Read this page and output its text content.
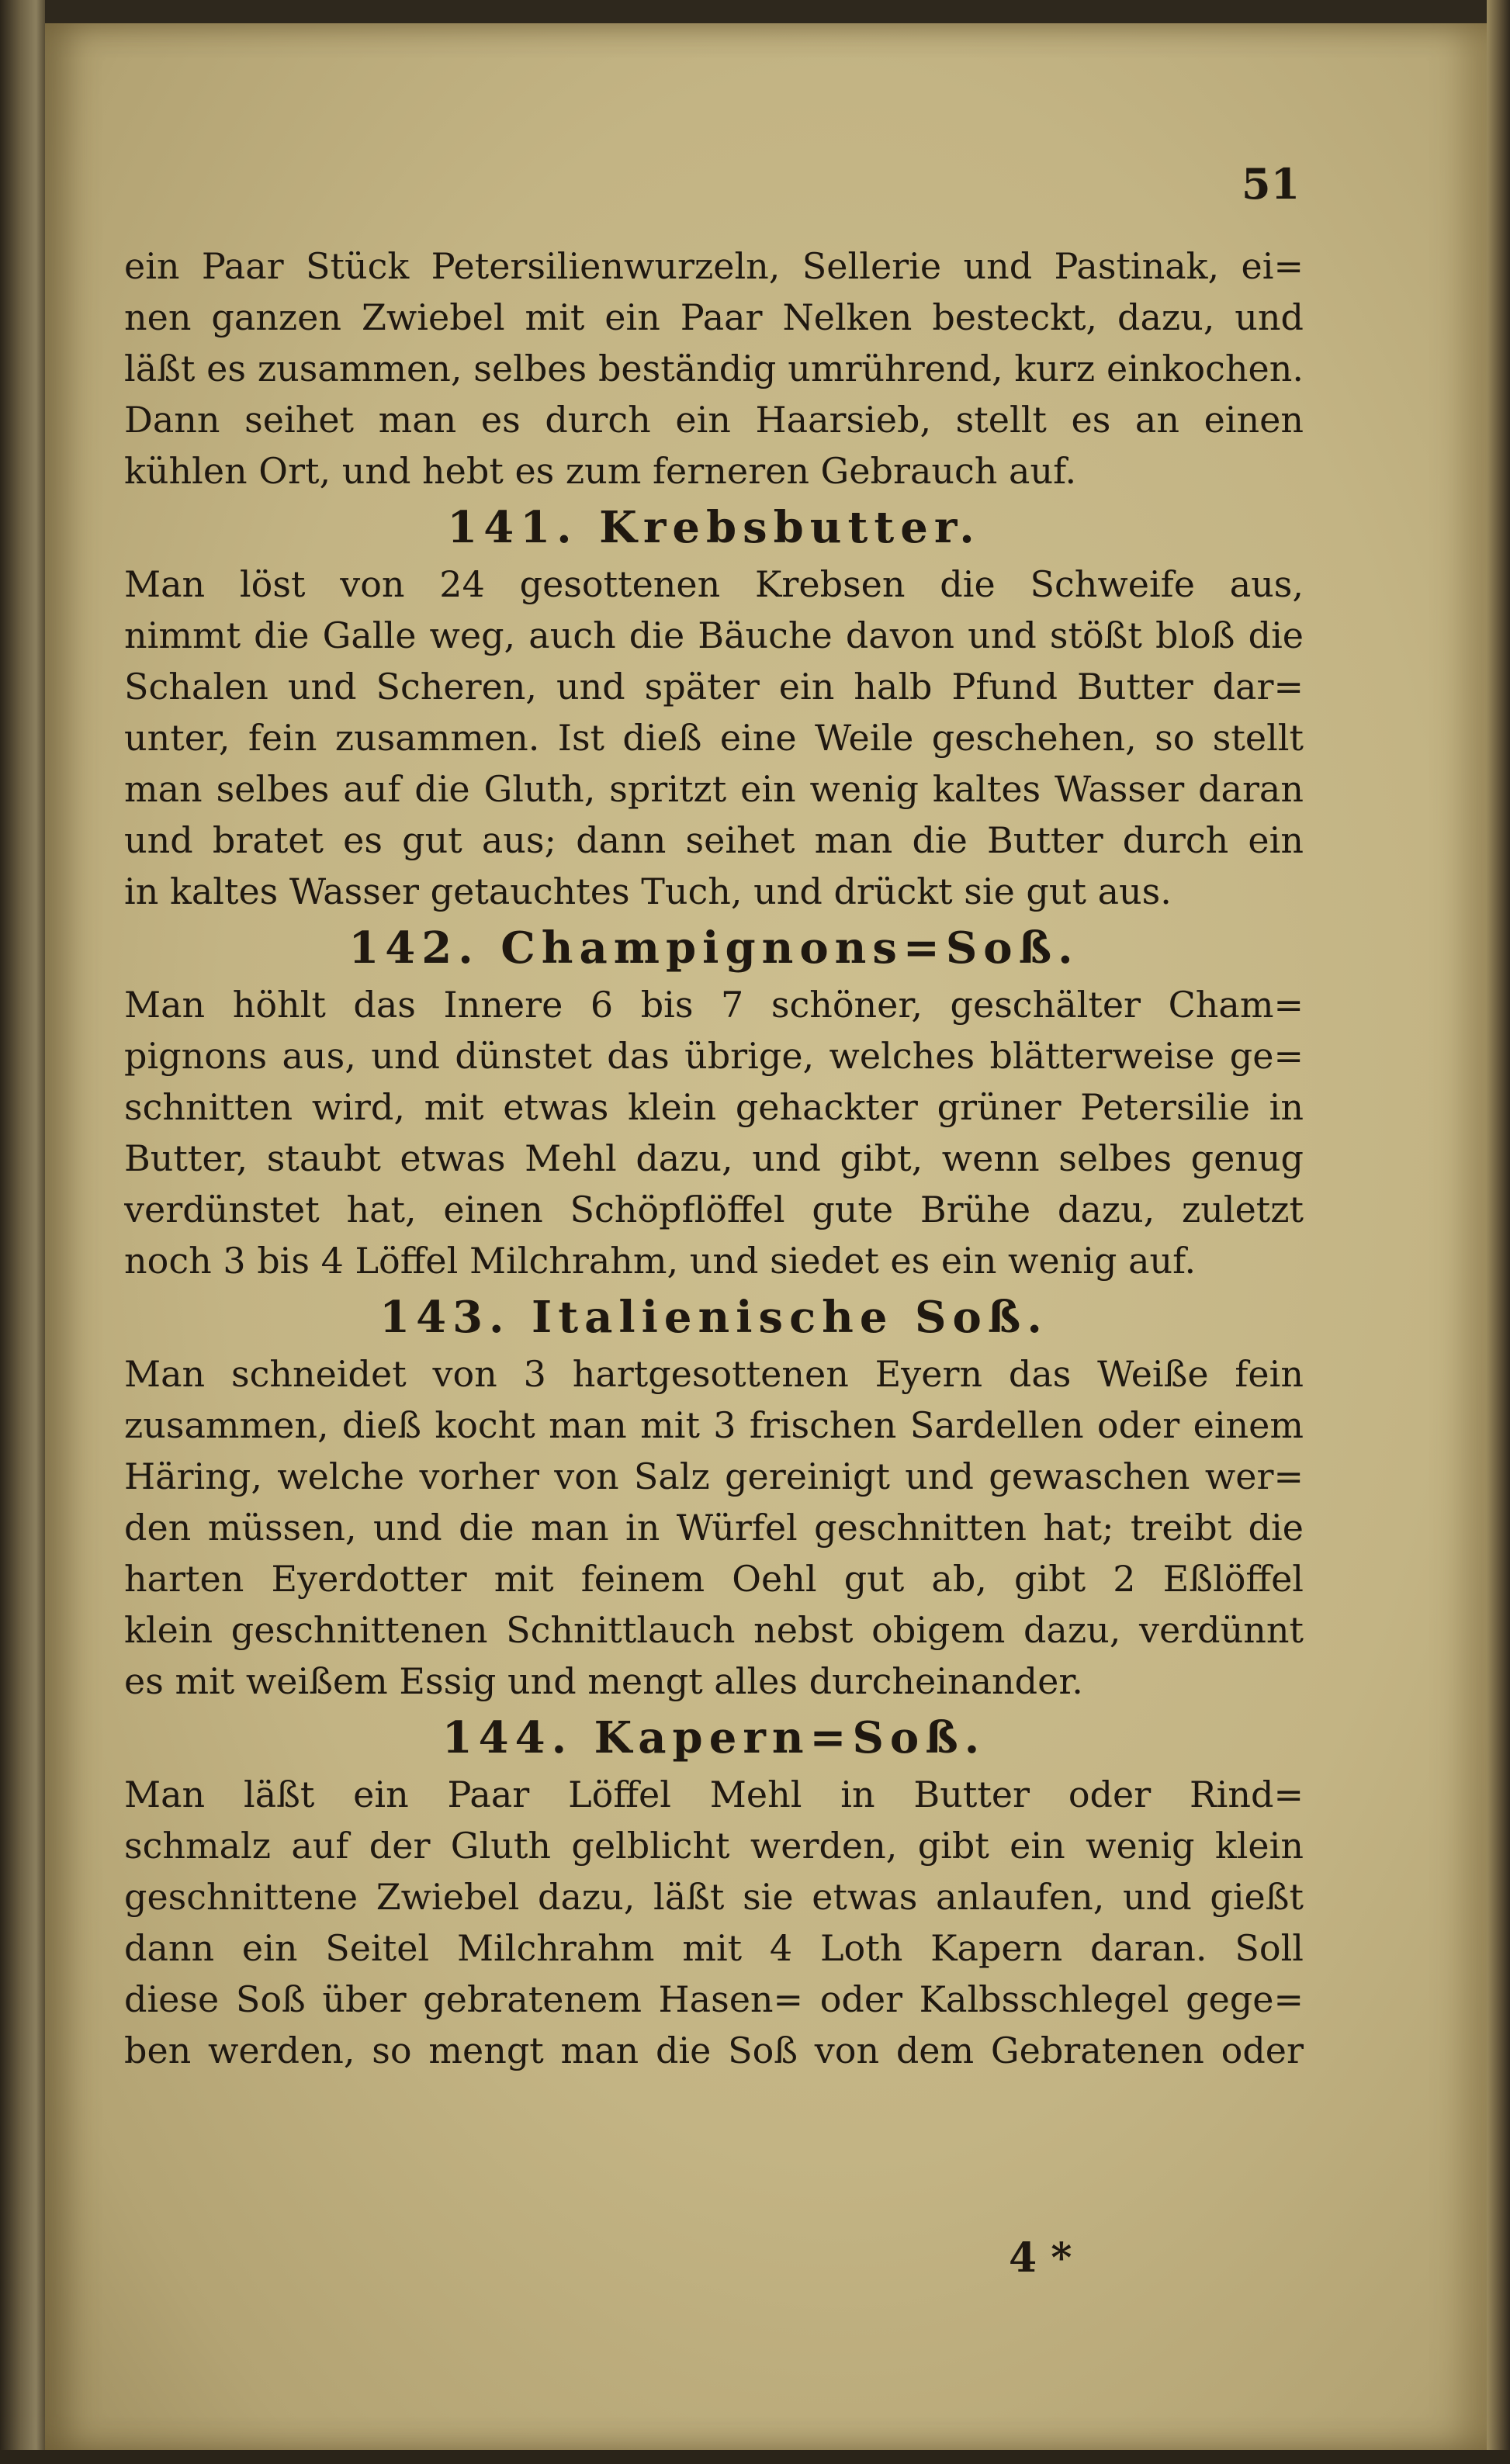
51
ein Paar Stück Petersilienwurzeln, Sellerie und Pastinak, ei=
nen ganzen Zwiebel mit ein Paar Nelken besteckt, dazu, und
läßt es zusammen, selbes beständig umrührend, kurz einkochen.
Dann seihet man es durch ein Haarsieb, stellt es an einen
kühlen Ort, und hebt es zum ferneren Gebrauch auf.
141. Krebsbutter.
Man löst von 24 gesottenen Krebsen die Schweife aus,
nimmt die Galle weg, auch die Bäuche davon und stößt bloß die
Schalen und Scheren, und später ein halb Pfund Butter dar=
unter, fein zusammen. Ist dieß eine Weile geschehen, so stellt
man selbes auf die Gluth, spritzt ein wenig kaltes Wasser daran
und bratet es gut aus; dann seihet man die Butter durch ein
in kaltes Wasser getauchtes Tuch, und drückt sie gut aus.
142. Champignons=Soß.
Man höhlt das Innere 6 bis 7 schöner, geschälter Cham=
pignons aus, und dünstet das übrige, welches blätterweise ge=
schnitten wird, mit etwas klein gehackter grüner Petersilie in
Butter, staubt etwas Mehl dazu, und gibt, wenn selbes genug
verdünstet hat, einen Schöpflöffel gute Brühe dazu, zuletzt
noch 3 bis 4 Löffel Milchrahm, und siedet es ein wenig auf.
143. Italienische Soß.
Man schneidet von 3 hartgesottenen Eyern das Weiße fein
zusammen, dieß kocht man mit 3 frischen Sardellen oder einem
Häring, welche vorher von Salz gereinigt und gewaschen wer=
den müssen, und die man in Würfel geschnitten hat; treibt die
harten Eyerdotter mit feinem Oehl gut ab, gibt 2 Eßlöffel
klein geschnittenen Schnittlauch nebst obigem dazu, verdünnt
es mit weißem Essig und mengt alles durcheinander.
144. Kapern=Soß.
Man läßt ein Paar Löffel Mehl in Butter oder Rind=
schmalz auf der Gluth gelblicht werden, gibt ein wenig klein
geschnittene Zwiebel dazu, läßt sie etwas anlaufen, und gießt
dann ein Seitel Milchrahm mit 4 Loth Kapern daran. Soll
diese Soß über gebratenem Hasen= oder Kalbsschlegel gege=
ben werden, so mengt man die Soß von dem Gebratenen oder
4 *
